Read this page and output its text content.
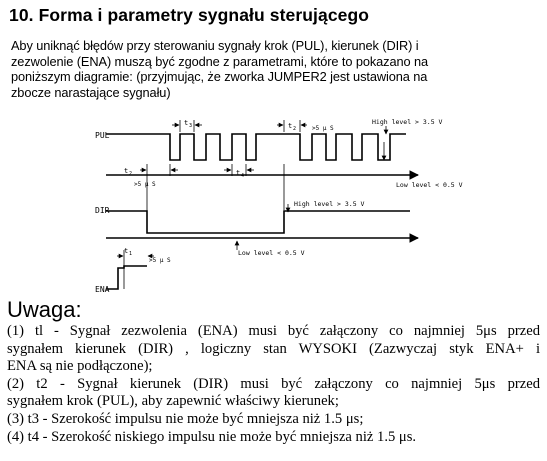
10. Forma i parametry sygnału sterującego

Aby uniknąć błędów przy sterowaniu sygnały krok (PUL), kierunek (DIR) i
zezwolenie (ENA) muszą być zgodne z parametrami, które to pokazano na
poniższym diagramie: (przyjmując, że zworka JUMPER2 jest ustawiona na
zbocze narastające sygnału)

PUL
t 3
t 2
>5 μ S
t 4
t 2	>5 μ S
High level > 3.5 V
Low level < 0.5 V
DIR
High level > 3.5 V
Low level < 0.5 V
t 1
>5 μ S
ENA
Uwaga:
(1) tl - Sygnał zezwolenia (ENA) musi być załączony co najmniej 5μs przed
sygnałem kierunek (DIR) , logiczny stan WYSOKI (Zazwyczaj styk ENA+ i
ENA są nie podłączone);
(2) t2 - Sygnał kierunek (DIR) musi być załączony co najmniej 5μs przed
sygnałem krok (PUL), aby zapewnić właściwy kierunek;
(3) t3 - Szerokość impulsu nie może być mniejsza niż 1.5 μs;
(4) t4 - Szerokość niskiego impulsu nie może być mniejsza niż 1.5 μs.
